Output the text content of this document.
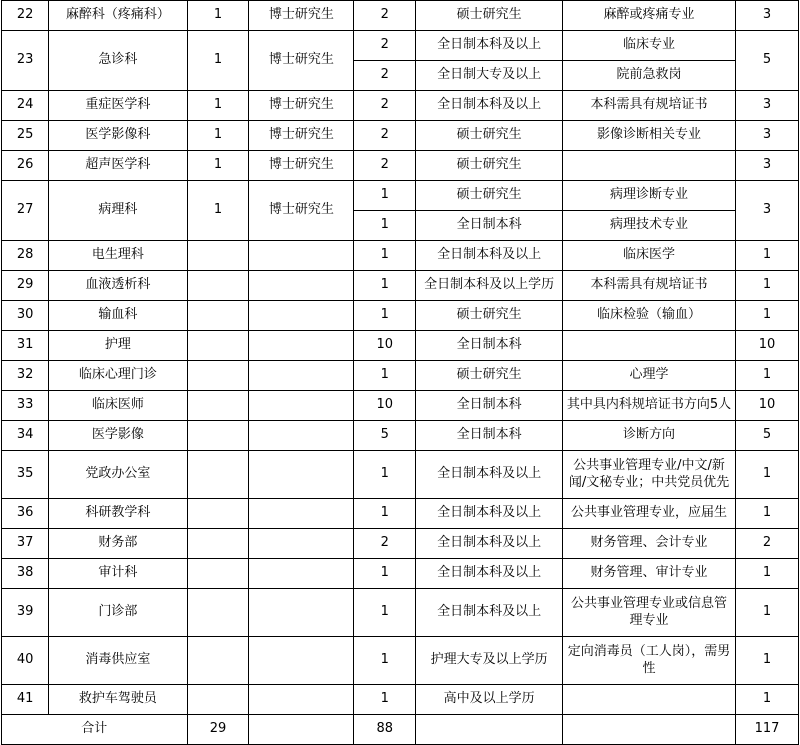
22	麻醉科（疼痛科）	1	博士研究生	2	硕士研究生	麻醉或疼痛专业	3
23	急诊科	1	博士研究生	2	全日制本科及以上	临床专业	5
				2	全日制大专及以上	院前急救岗	
24	重症医学科	1	博士研究生	2	全日制本科及以上	本科需具有规培证书	3
25	医学影像科	1	博士研究生	2	硕士研究生	影像诊断相关专业	3
26	超声医学科	1	博士研究生	2	硕士研究生		3
27	病理科	1	博士研究生	1	硕士研究生	病理诊断专业	3
				1	全日制本科	病理技术专业	
28	电生理科			1	全日制本科及以上	临床医学	1
29	血液透析科			1	全日制本科及以上学历	本科需具有规培证书	1
30	输血科			1	硕士研究生	临床检验（输血）	1
31	护理			10	全日制本科		10
32	临床心理门诊			1	硕士研究生	心理学	1
33	临床医师			10	全日制本科	其中具内科规培证书方向5人	10
34	医学影像			5	全日制本科	诊断方向	5
35	党政办公室			1	全日制本科及以上	公共事业管理专业/中文/新闻/文秘专业；中共党员优先	1
36	科研教学科			1	全日制本科及以上	公共事业管理专业，应届生	1
37	财务部			2	全日制本科及以上	财务管理、会计专业	2
38	审计科			1	全日制本科及以上	财务管理、审计专业	1
39	门诊部			1	全日制本科及以上	公共事业管理专业或信息管理专业	1
40	消毒供应室			1	护理大专及以上学历	定向消毒员（工人岗），需男性	1
41	救护车驾驶员			1	高中及以上学历		1
合计		29		88			117
